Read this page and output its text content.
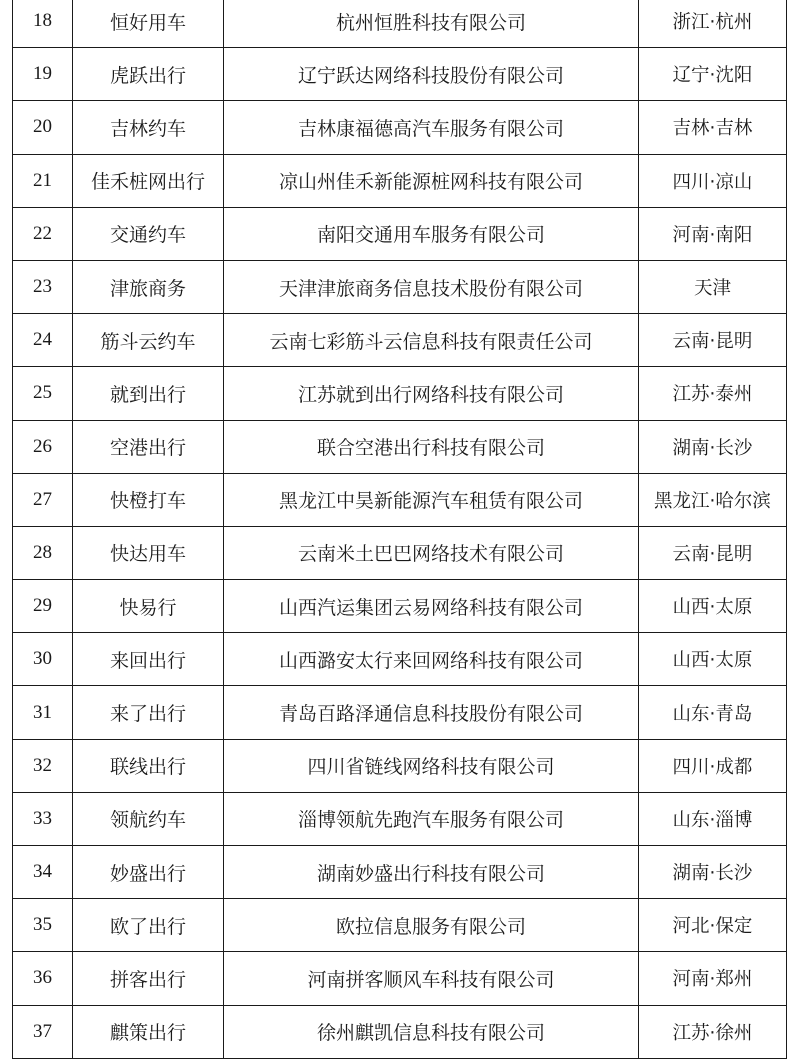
18	恒好用车	杭州恒胜科技有限公司	浙江·杭州
19	虎跃出行	辽宁跃达网络科技股份有限公司	辽宁·沈阳
20	吉林约车	吉林康福德高汽车服务有限公司	吉林·吉林
21	佳禾桩网出行	凉山州佳禾新能源桩网科技有限公司	四川·凉山
22	交通约车	南阳交通用车服务有限公司	河南·南阳
23	津旅商务	天津津旅商务信息技术股份有限公司	天津
24	筋斗云约车	云南七彩筋斗云信息科技有限责任公司	云南·昆明
25	就到出行	江苏就到出行网络科技有限公司	江苏·泰州
26	空港出行	联合空港出行科技有限公司	湖南·长沙
27	快橙打车	黑龙江中昊新能源汽车租赁有限公司	黑龙江·哈尔滨
28	快达用车	云南米土巴巴网络技术有限公司	云南·昆明
29	快易行	山西汽运集团云易网络科技有限公司	山西·太原
30	来回出行	山西潞安太行来回网络科技有限公司	山西·太原
31	来了出行	青岛百路泽通信息科技股份有限公司	山东·青岛
32	联线出行	四川省链线网络科技有限公司	四川·成都
33	领航约车	淄博领航先跑汽车服务有限公司	山东·淄博
34	妙盛出行	湖南妙盛出行科技有限公司	湖南·长沙
35	欧了出行	欧拉信息服务有限公司	河北·保定
36	拼客出行	河南拼客顺风车科技有限公司	河南·郑州
37	麒策出行	徐州麒凯信息科技有限公司	江苏·徐州
